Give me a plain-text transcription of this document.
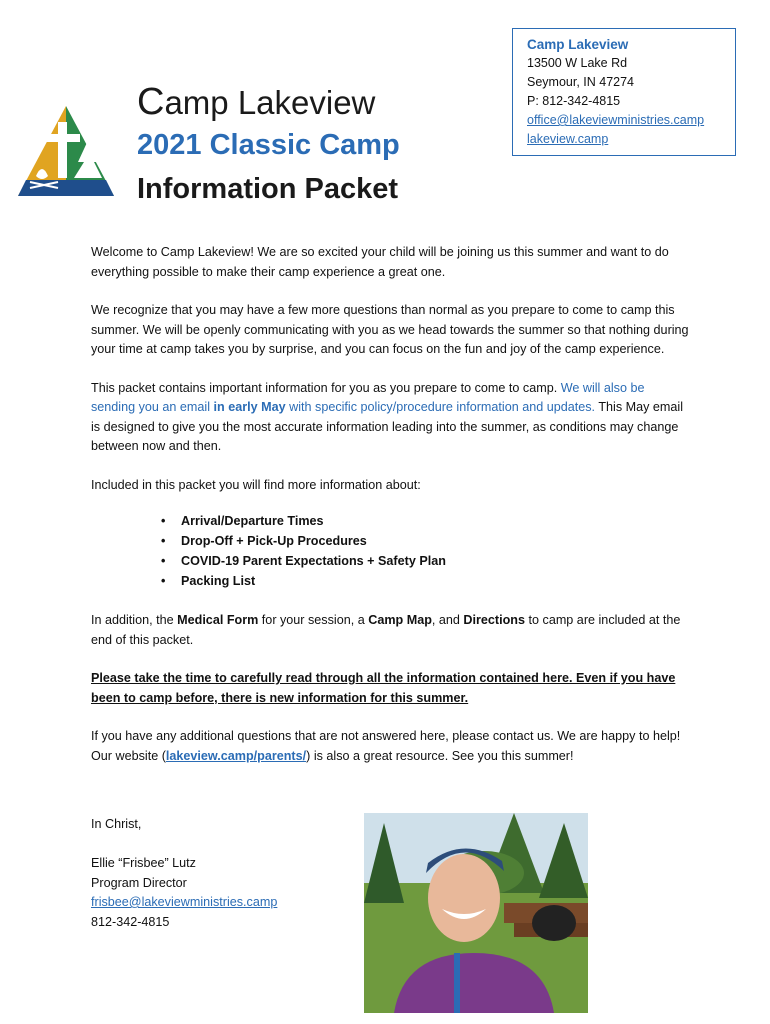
Camp Lakeview
2021 Classic Camp
Information Packet
Camp Lakeview
13500 W Lake Rd
Seymour, IN 47274
P: 812-342-4815
office@lakeviewministries.camp
lakeview.camp

Welcome to Camp Lakeview! We are so excited your child will be joining us this summer and want to do everything possible to make their camp experience a great one.

We recognize that you may have a few more questions than normal as you prepare to come to camp this summer. We will be openly communicating with you as we head towards the summer so that nothing during your time at camp takes you by surprise, and you can focus on the fun and joy of the camp experience.

This packet contains important information for you as you prepare to come to camp. We will also be sending you an email in early May with specific policy/procedure information and updates. This May email is designed to give you the most accurate information leading into the summer, as conditions may change between now and then.

Included in this packet you will find more information about:

• Arrival/Departure Times
• Drop-Off + Pick-Up Procedures
• COVID-19 Parent Expectations + Safety Plan
• Packing List

In addition, the Medical Form for your session, a Camp Map, and Directions to camp are included at the end of this packet.

Please take the time to carefully read through all the information contained here. Even if you have been to camp before, there is new information for this summer.

If you have any additional questions that are not answered here, please contact us. We are happy to help! Our website (lakeview.camp/parents/) is also a great resource. See you this summer!

In Christ,
Ellie “Frisbee” Lutz
Program Director
frisbee@lakeviewministries.camp
812-342-4815
